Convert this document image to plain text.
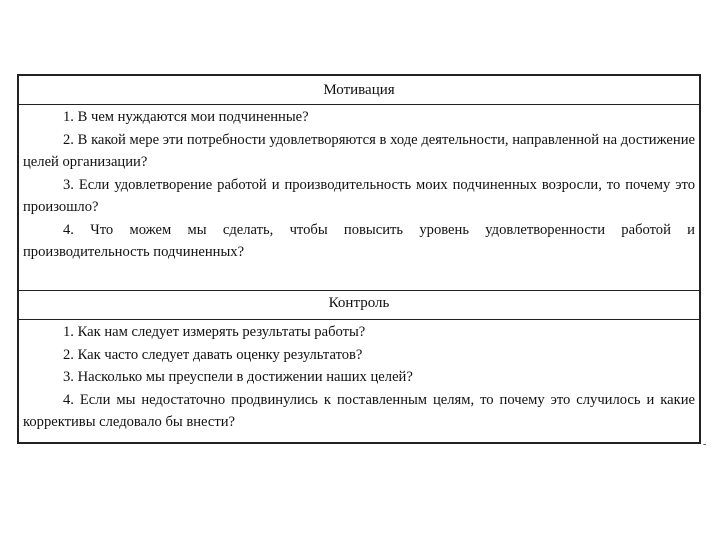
Мотивация

1. В чем нуждаются мои подчиненные?

2. В какой мере эти потребности удовлетворяются в ходе деятельности, направленной на достижение целей организации?

3. Если удовлетворение работой и производительность моих подчиненных возросли, то почему это произошло?

4. Что можем мы сделать, чтобы повысить уровень удовлетворенности работой и производительность подчиненных?

Контроль

1. Как нам следует измерять результаты работы?

2. Как часто следует давать оценку результатов?

3. Насколько мы преуспели в достижении наших целей?

4. Если мы недостаточно продвинулись к поставленным целям, то почему это случилось и какие коррективы следовало бы внести?

-
